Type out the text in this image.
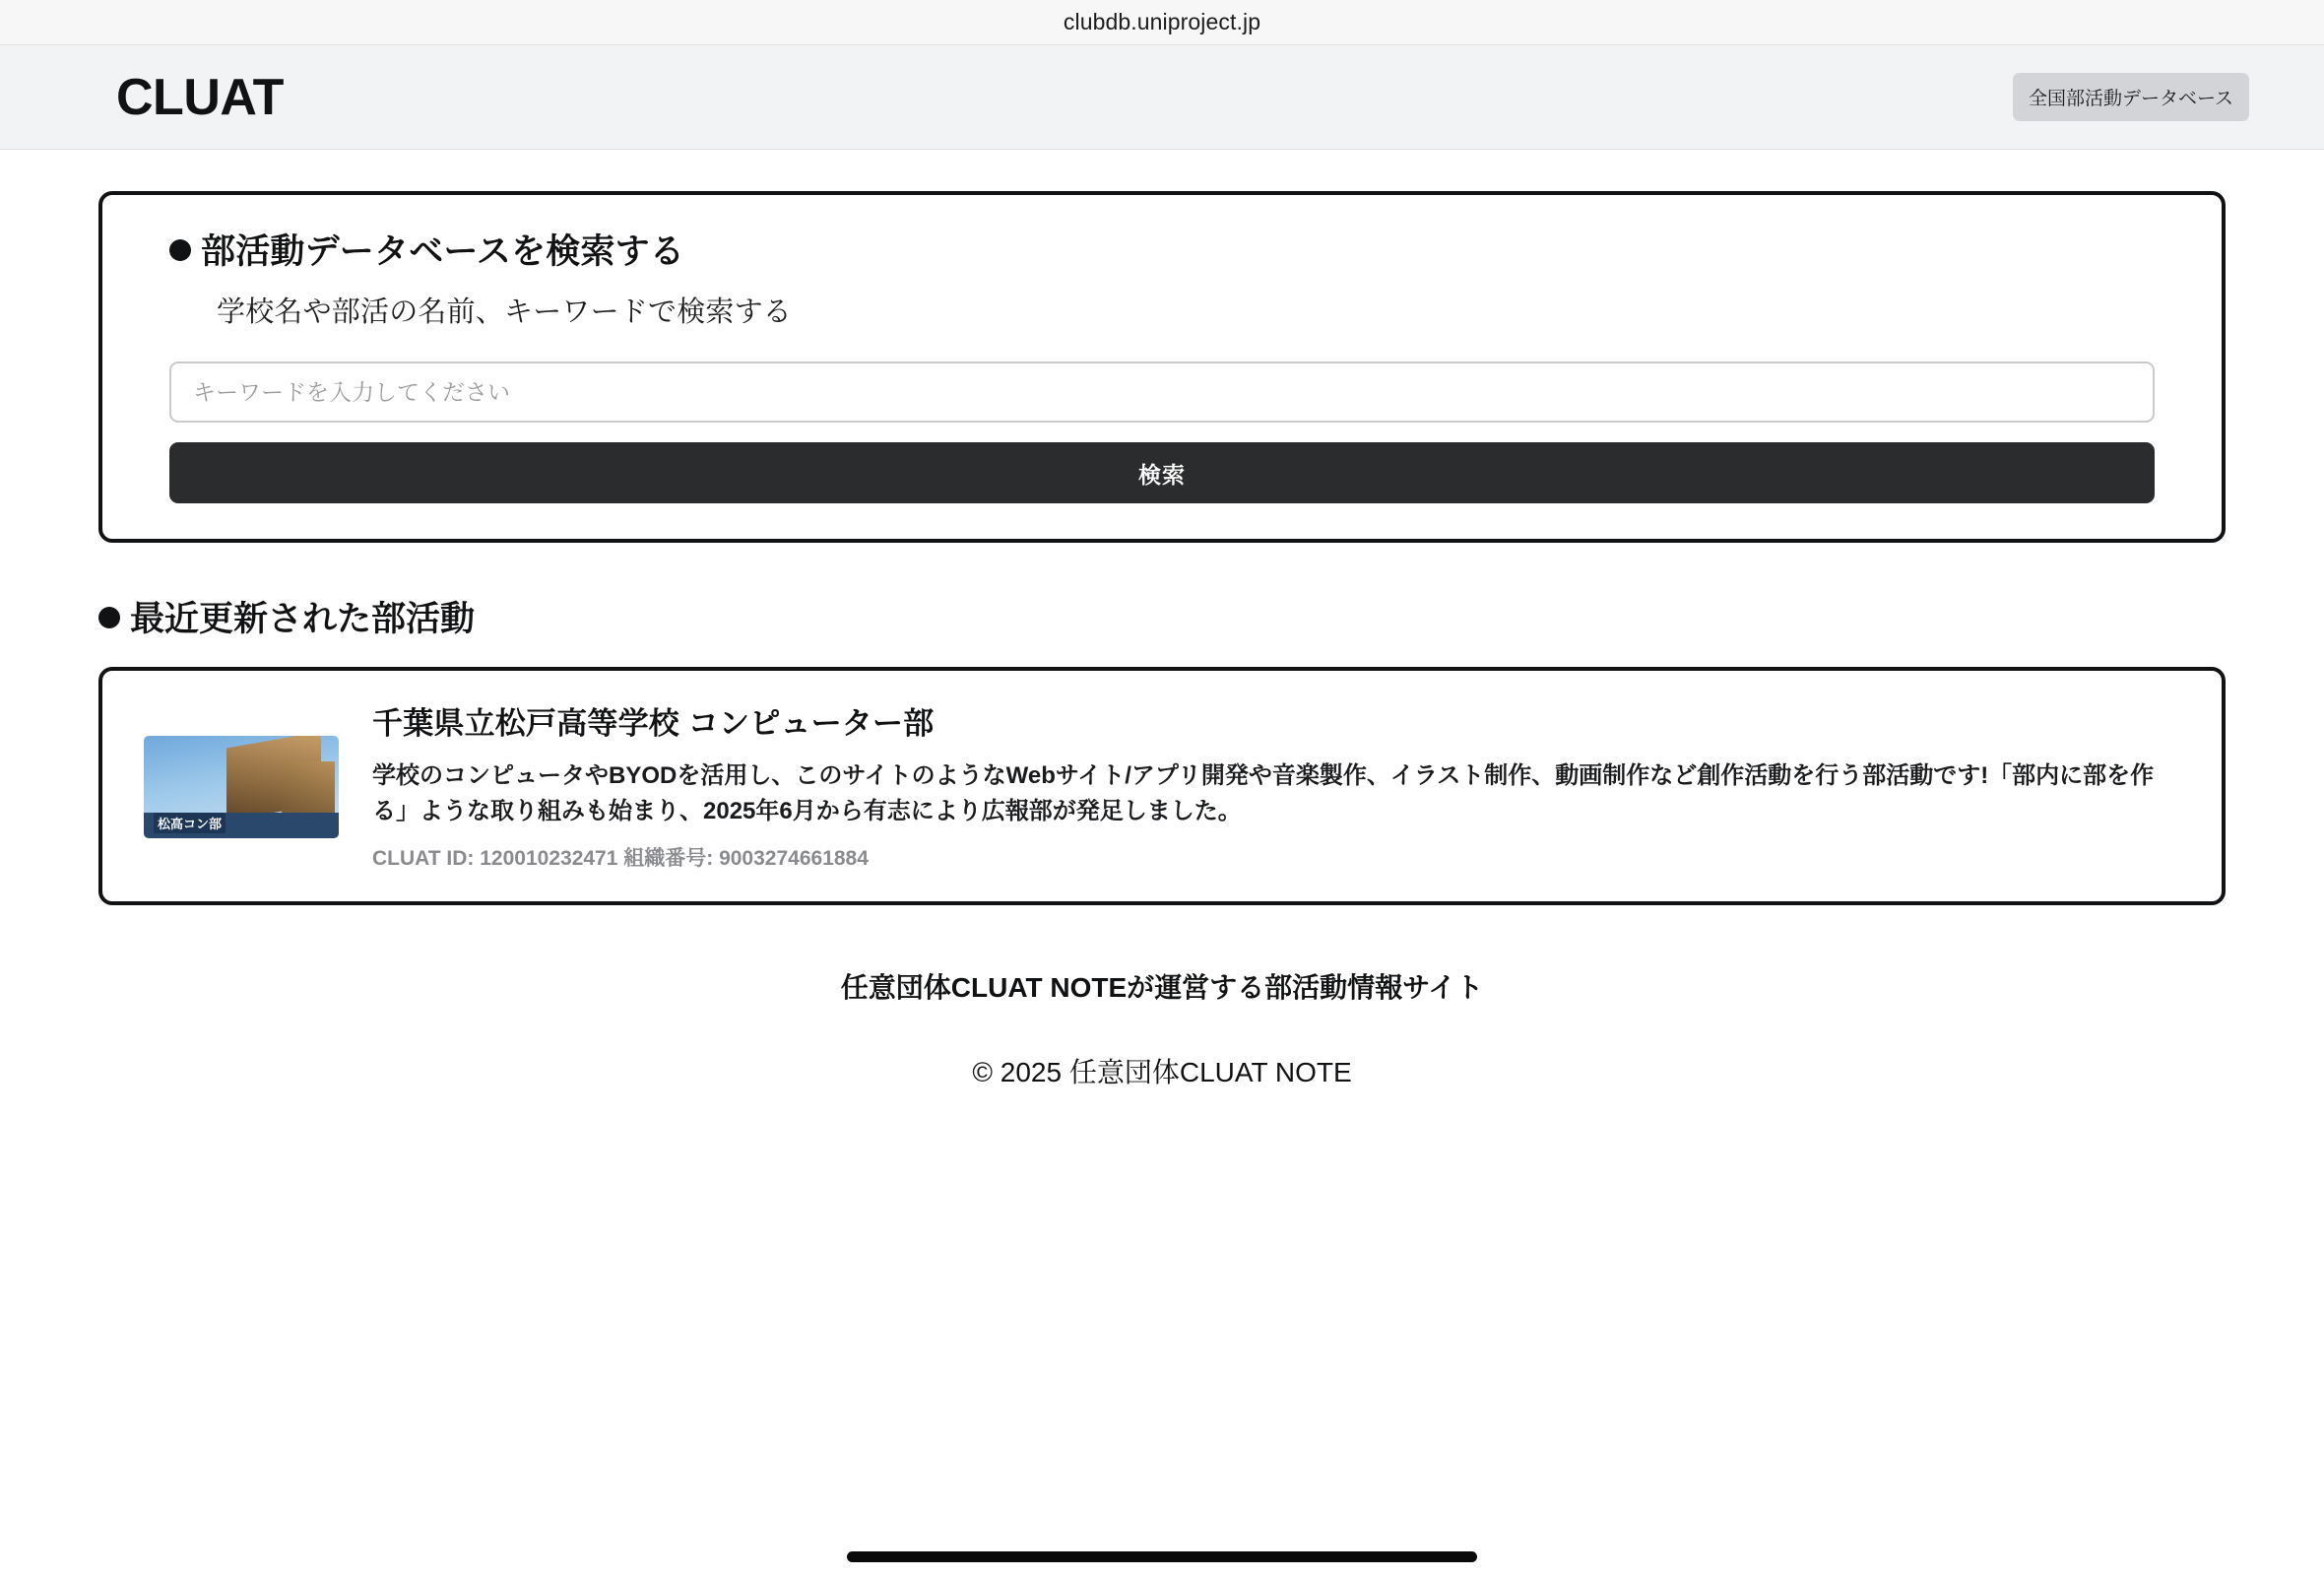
clubdb.uniproject.jp
CLUAT	全国部活動データベース
部活動データベースを検索する
学校名や部活の名前、キーワードで検索する
キーワードを入力してください
検索
最近更新された部活動
松高コン部
千葉県立松戸高等学校 コンピューター部
学校のコンピュータやBYODを活用し、このサイトのようなWebサイト/アプリ開発や音楽製作、イラスト制作、動画制作など創作活動を行う部活動です!「部内に部を作る」ような取り組みも始まり、2025年6月から有志により広報部が発足しました。
CLUAT ID: 120010232471 組織番号: 9003274661884
任意団体CLUAT NOTEが運営する部活動情報サイト
© 2025 任意団体CLUAT NOTE
